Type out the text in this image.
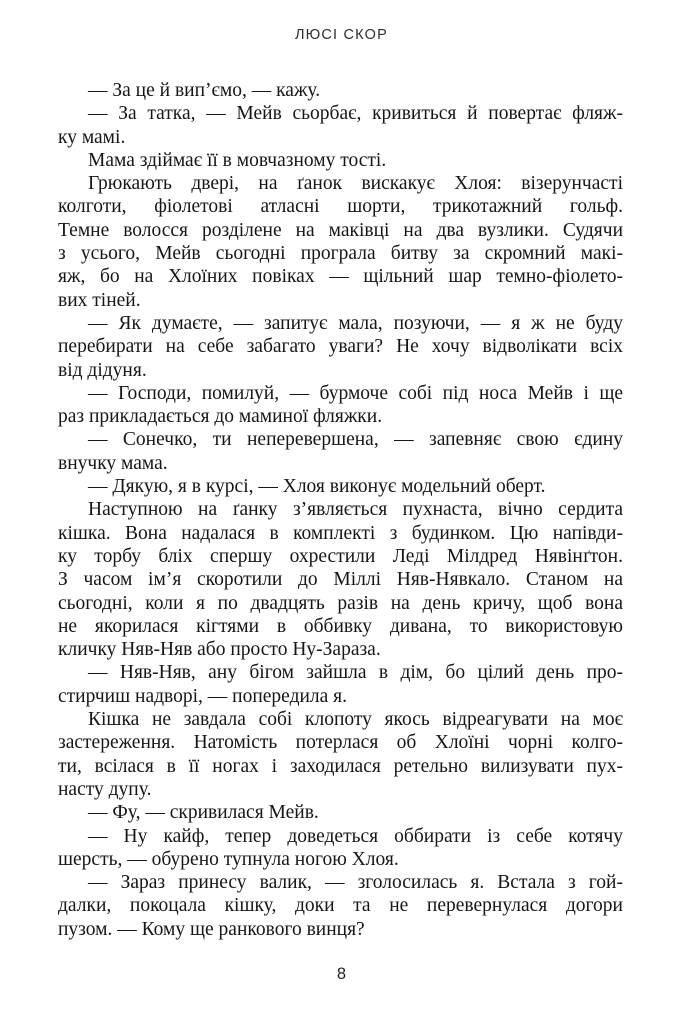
ЛЮСІ СКОР
— За це й вип’ємо, — кажу.
— За татка, — Мейв сьорбає, кривиться й повертає фляж-
ку мамі.
Мама здіймає її в мовчазному тості.
Грюкають двері, на ґанок вискакує Хлоя: візерунчасті
колготи, фіолетові атласні шорти, трикотажний гольф.
Темне волосся розділене на маківці на два вузлики. Судячи
з усього, Мейв сьогодні програла битву за скромний макі-
яж, бо на Хлоїних повіках — щільний шар темно-фіолето-
вих тіней.
— Як думаєте, — запитує мала, позуючи, — я ж не буду
перебирати на себе забагато уваги? Не хочу відволікати всіх
від дідуня.
— Господи, помилуй, — бурмоче собі під носа Мейв і ще
раз прикладається до маминої фляжки.
— Сонечко, ти неперевершена, — запевняє свою єдину
внучку мама.
— Дякую, я в курсі, — Хлоя виконує модельний оберт.
Наступною на ґанку з’являється пухнаста, вічно сердита
кішка. Вона надалася в комплекті з будинком. Цю напівди-
ку торбу бліх спершу охрестили Леді Мілдред Нявінґтон.
З часом ім’я скоротили до Міллі Няв-Нявкало. Станом на
сьогодні, коли я по двадцять разів на день кричу, щоб вона
не якорилася кігтями в оббивку дивана, то використовую
кличку Няв-Няв або просто Ну-Зараза.
— Няв-Няв, ану бігом зайшла в дім, бо цілий день про-
стирчиш надворі, — попередила я.
Кішка не завдала собі клопоту якось відреагувати на моє
застереження. Натомість потерлася об Хлоїні чорні колго-
ти, всілася в її ногах і заходилася ретельно вилизувати пух-
насту дупу.
— Фу, — скривилася Мейв.
— Ну кайф, тепер доведеться оббирати із себе котячу
шерсть, — обурено тупнула ногою Хлоя.
— Зараз принесу валик, — зголосилась я. Встала з гой-
далки, покоцала кішку, доки та не перевернулася догори
пузом. — Кому ще ранкового винця?
8
